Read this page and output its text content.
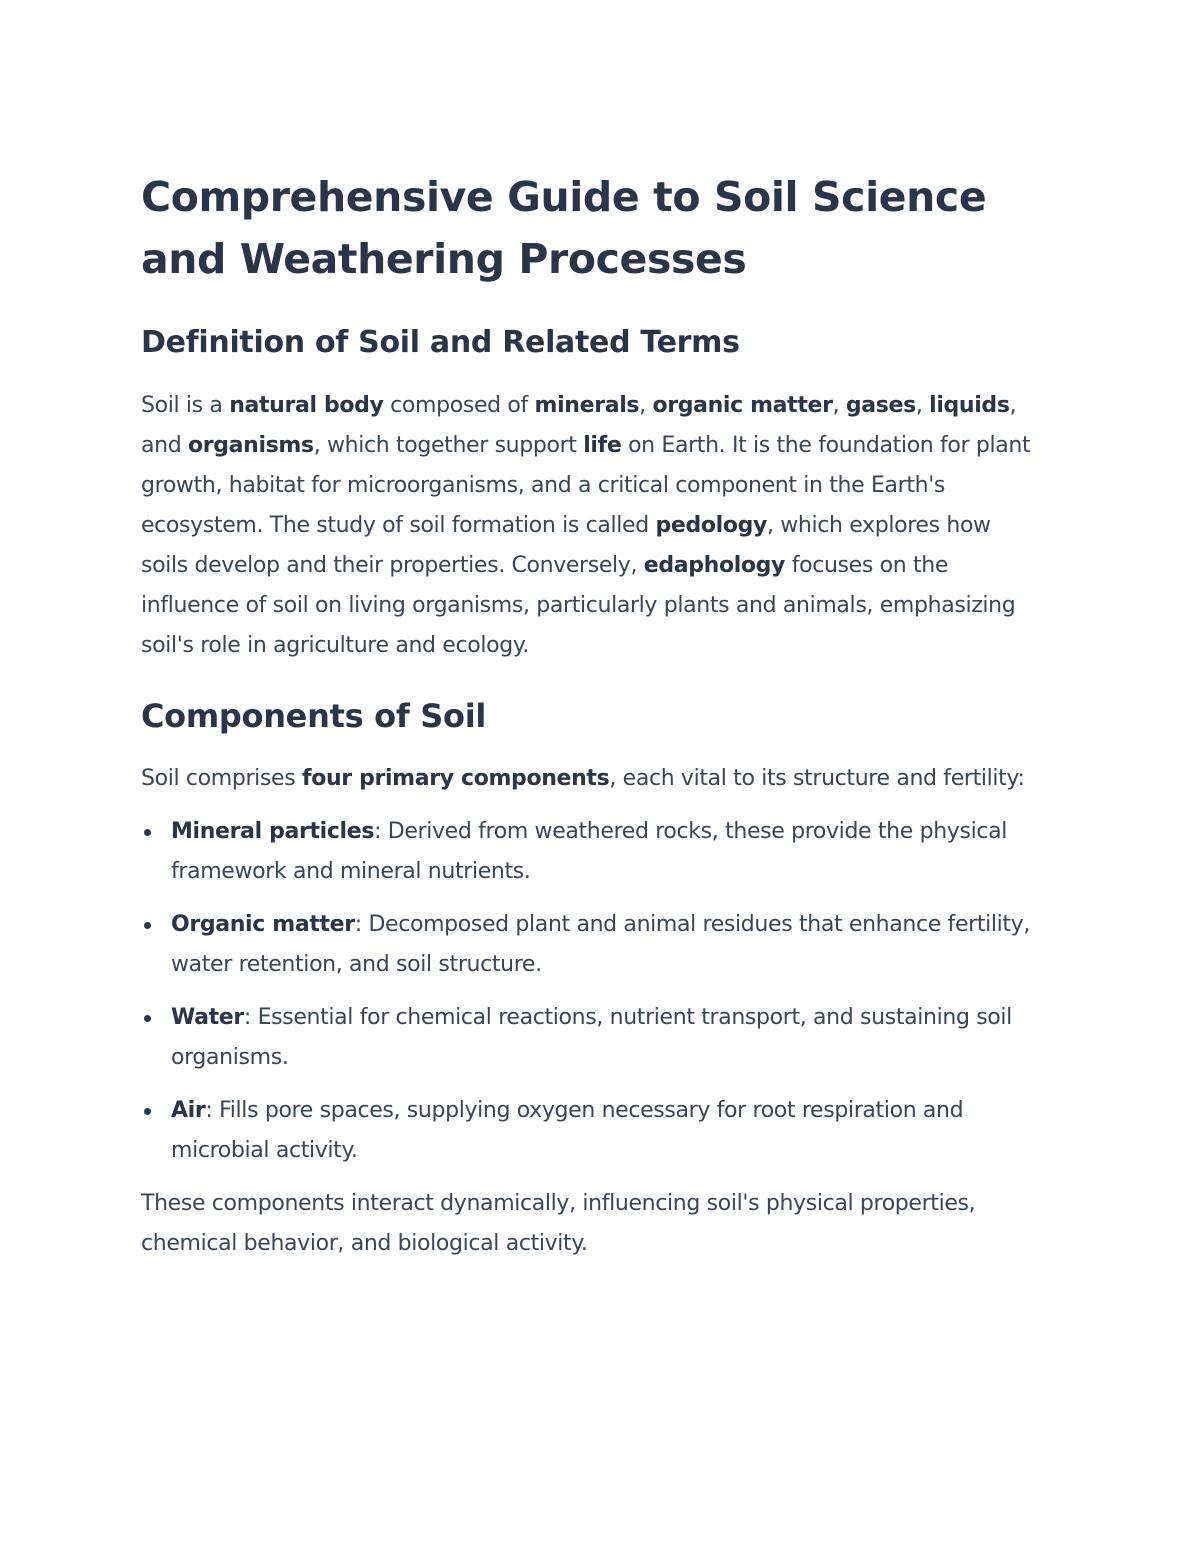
Comprehensive Guide to Soil Science and Weathering Processes
Definition of Soil and Related Terms

Soil is a natural body composed of minerals, organic matter, gases, liquids, and organisms, which together support life on Earth. It is the foundation for plant growth, habitat for microorganisms, and a critical component in the Earth's ecosystem. The study of soil formation is called pedology, which explores how soils develop and their properties. Conversely, edaphology focuses on the influence of soil on living organisms, particularly plants and animals, emphasizing soil's role in agriculture and ecology.

Components of Soil

Soil comprises four primary components, each vital to its structure and fertility:

Mineral particles: Derived from weathered rocks, these provide the physical framework and mineral nutrients.
Organic matter: Decomposed plant and animal residues that enhance fertility, water retention, and soil structure.
Water: Essential for chemical reactions, nutrient transport, and sustaining soil organisms.
Air: Fills pore spaces, supplying oxygen necessary for root respiration and microbial activity.

These components interact dynamically, influencing soil's physical properties, chemical behavior, and biological activity.
